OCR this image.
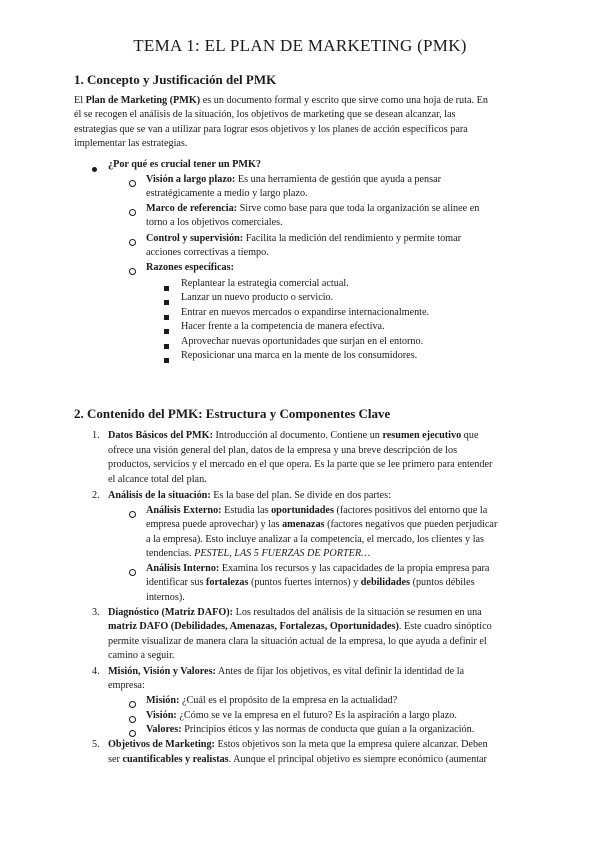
TEMA 1: EL PLAN DE MARKETING (PMK)
1. Concepto y Justificación del PMK
El Plan de Marketing (PMK) es un documento formal y escrito que sirve como una hoja de ruta. En
él se recogen el análisis de la situación, los objetivos de marketing que se desean alcanzar, las
estrategias que se van a utilizar para lograr esos objetivos y los planes de acción específicos para
implementar las estrategias.
¿Por qué es crucial tener un PMK?
Visión a largo plazo: Es una herramienta de gestión que ayuda a pensar
estratégicamente a medio y largo plazo.
Marco de referencia: Sirve como base para que toda la organización se alinee en
torno a los objetivos comerciales.
Control y supervisión: Facilita la medición del rendimiento y permite tomar
acciones correctivas a tiempo.
Razones específicas:
Replantear la estrategia comercial actual.
Lanzar un nuevo producto o servicio.
Entrar en nuevos mercados o expandirse internacionalmente.
Hacer frente a la competencia de manera efectiva.
Aprovechar nuevas oportunidades que surjan en el entorno.
Reposicionar una marca en la mente de los consumidores.
2. Contenido del PMK: Estructura y Componentes Clave
1. Datos Básicos del PMK: Introducción al documento. Contiene un resumen ejecutivo que
ofrece una visión general del plan, datos de la empresa y una breve descripción de los
productos, servicios y el mercado en el que opera. Es la parte que se lee primero para entender
el alcance total del plan.
2. Análisis de la situación: Es la base del plan. Se divide en dos partes:
Análisis Externo: Estudia las oportunidades (factores positivos del entorno que la
empresa puede aprovechar) y las amenazas (factores negativos que pueden perjudicar
a la empresa). Esto incluye analizar a la competencia, el mercado, los clientes y las
tendencias. PESTEL, LAS 5 FUERZAS DE PORTER…
Análisis Interno: Examina los recursos y las capacidades de la propia empresa para
identificar sus fortalezas (puntos fuertes internos) y debilidades (puntos débiles
internos).
3. Diagnóstico (Matriz DAFO): Los resultados del análisis de la situación se resumen en una
matriz DAFO (Debilidades, Amenazas, Fortalezas, Oportunidades). Este cuadro sinóptico
permite visualizar de manera clara la situación actual de la empresa, lo que ayuda a definir el
camino a seguir.
4. Misión, Visión y Valores: Antes de fijar los objetivos, es vital definir la identidad de la
empresa:
Misión: ¿Cuál es el propósito de la empresa en la actualidad?
Visión: ¿Cómo se ve la empresa en el futuro? Es la aspiración a largo plazo.
Valores: Principios éticos y las normas de conducta que guían a la organización.
5. Objetivos de Marketing: Estos objetivos son la meta que la empresa quiere alcanzar. Deben
ser cuantificables y realistas. Aunque el principal objetivo es siempre económico (aumentar
